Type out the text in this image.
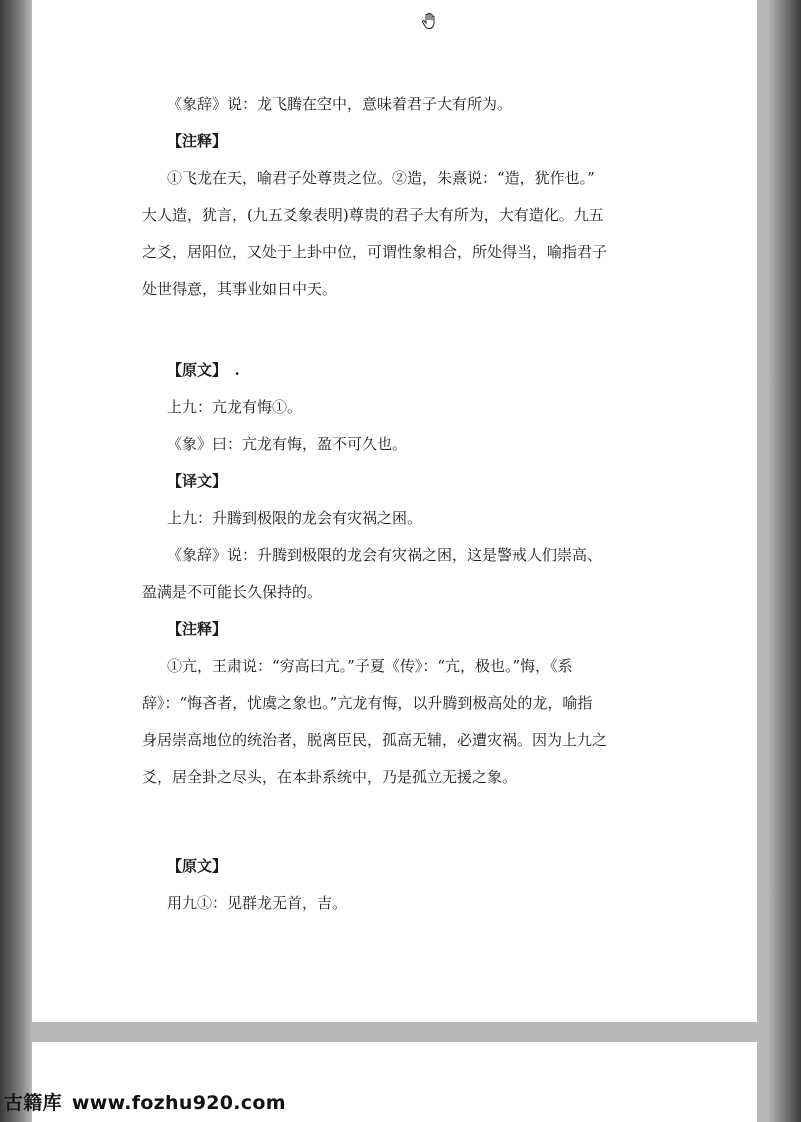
《象辞》说：龙飞腾在空中，意味着君子大有所为。

【注释】

①飞龙在天，喻君子处尊贵之位。②造，朱熹说：“造，犹作也。”

大人造，犹言，(九五爻象表明)尊贵的君子大有所为，大有造化。九五

之爻，居阳位，又处于上卦中位，可谓性象相合，所处得当，喻指君子

处世得意，其事业如日中天。

【原文】　.

上九：亢龙有悔①。

《象》曰：亢龙有悔，盈不可久也。

【译文】

上九：升腾到极限的龙会有灾祸之困。

《象辞》说：升腾到极限的龙会有灾祸之困，这是警戒人们崇高、

盈满是不可能长久保持的。

【注释】

①亢，王肃说：“穷高曰亢。”子夏《传》：“亢，极也。”悔，《系

辞》：“悔吝者，忧虞之象也。”亢龙有悔，以升腾到极高处的龙，喻指

身居崇高地位的统治者，脱离臣民，孤高无辅，必遭灾祸。因为上九之

爻，居全卦之尽头，在本卦系统中，乃是孤立无援之象。

【原文】

用九①：见群龙无首，吉。

古籍库 www.fozhu920.com
